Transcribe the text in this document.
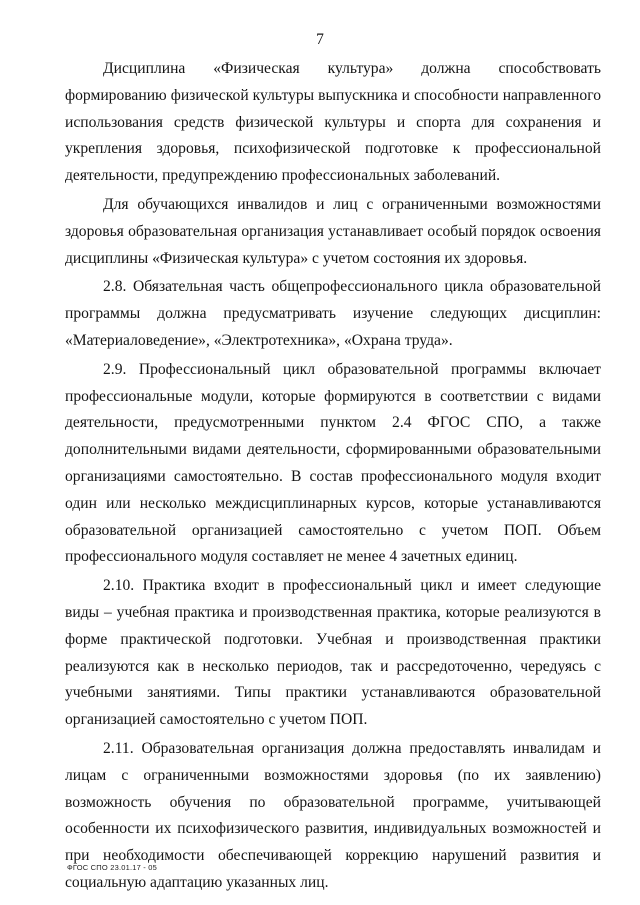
7

Дисциплина «Физическая культура» должна способствовать формированию физической культуры выпускника и способности направленного использования средств физической культуры и спорта для сохранения и укрепления здоровья, психофизической подготовке к профессиональной деятельности, предупреждению профессиональных заболеваний.

Для обучающихся инвалидов и лиц с ограниченными возможностями здоровья образовательная организация устанавливает особый порядок освоения дисциплины «Физическая культура» с учетом состояния их здоровья.

2.8. Обязательная часть общепрофессионального цикла образовательной программы должна предусматривать изучение следующих дисциплин: «Материаловедение», «Электротехника», «Охрана труда».

2.9. Профессиональный цикл образовательной программы включает профессиональные модули, которые формируются в соответствии с видами деятельности, предусмотренными пунктом 2.4 ФГОС СПО, а также дополнительными видами деятельности, сформированными образовательными организациями самостоятельно. В состав профессионального модуля входит один или несколько междисциплинарных курсов, которые устанавливаются образовательной организацией самостоятельно с учетом ПОП. Объем профессионального модуля составляет не менее 4 зачетных единиц.

2.10. Практика входит в профессиональный цикл и имеет следующие виды – учебная практика и производственная практика, которые реализуются в форме практической подготовки. Учебная и производственная практики реализуются как в несколько периодов, так и рассредоточенно, чередуясь с учебными занятиями. Типы практики устанавливаются образовательной организацией самостоятельно с учетом ПОП.

2.11. Образовательная организация должна предоставлять инвалидам и лицам с ограниченными возможностями здоровья (по их заявлению) возможность обучения по образовательной программе, учитывающей особенности их психофизического развития, индивидуальных возможностей и при необходимости обеспечивающей коррекцию нарушений развития и социальную адаптацию указанных лиц.

ФГОС СПО 23.01.17 - 05
